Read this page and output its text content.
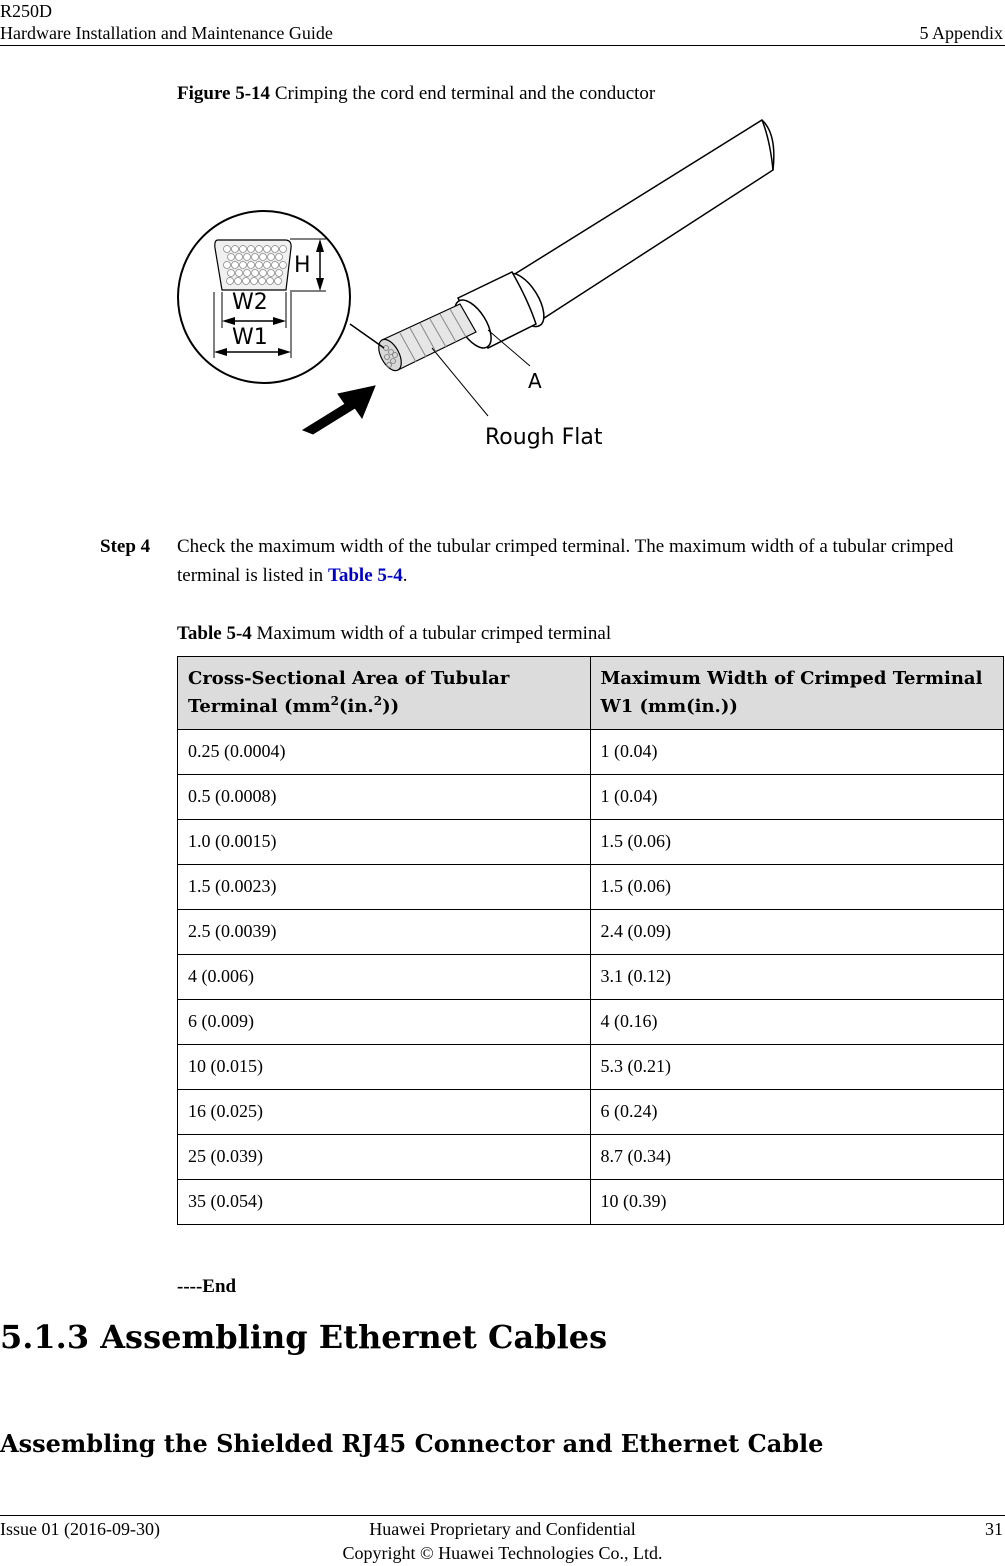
R250D
Hardware Installation and Maintenance Guide	5 Appendix
Figure 5-14 Crimping the cord end terminal and the conductor
H
W2
W1
A
Rough Flat
Step 4 Check the maximum width of the tubular crimped terminal. The maximum width of a tubular crimped terminal is listed in Table 5-4.
Table 5-4 Maximum width of a tubular crimped terminal
Cross-Sectional Area of Tubular Terminal $(mm^2(in.^2))$	Maximum Width of Crimped Terminal W1 (mm(in.))
0.25 (0.0004)	1 (0.04)
0.5 (0.0008)	1 (0.04)
1.0 (0.0015)	1.5 (0.06)
1.5 (0.0023)	1.5 (0.06)
2.5 (0.0039)	2.4 (0.09)
4 (0.006)	3.1 (0.12)
6 (0.009)	4 (0.16)
10 (0.015)	5.3 (0.21)
16 (0.025)	6 (0.24)
25 (0.039)	8.7 (0.34)
35 (0.054)	10 (0.39)
----End
5.1.3 Assembling Ethernet Cables
Assembling the Shielded RJ45 Connector and Ethernet Cable
Issue 01 (2016-09-30)	Huawei Proprietary and Confidential
Copyright © Huawei Technologies Co., Ltd.
31
